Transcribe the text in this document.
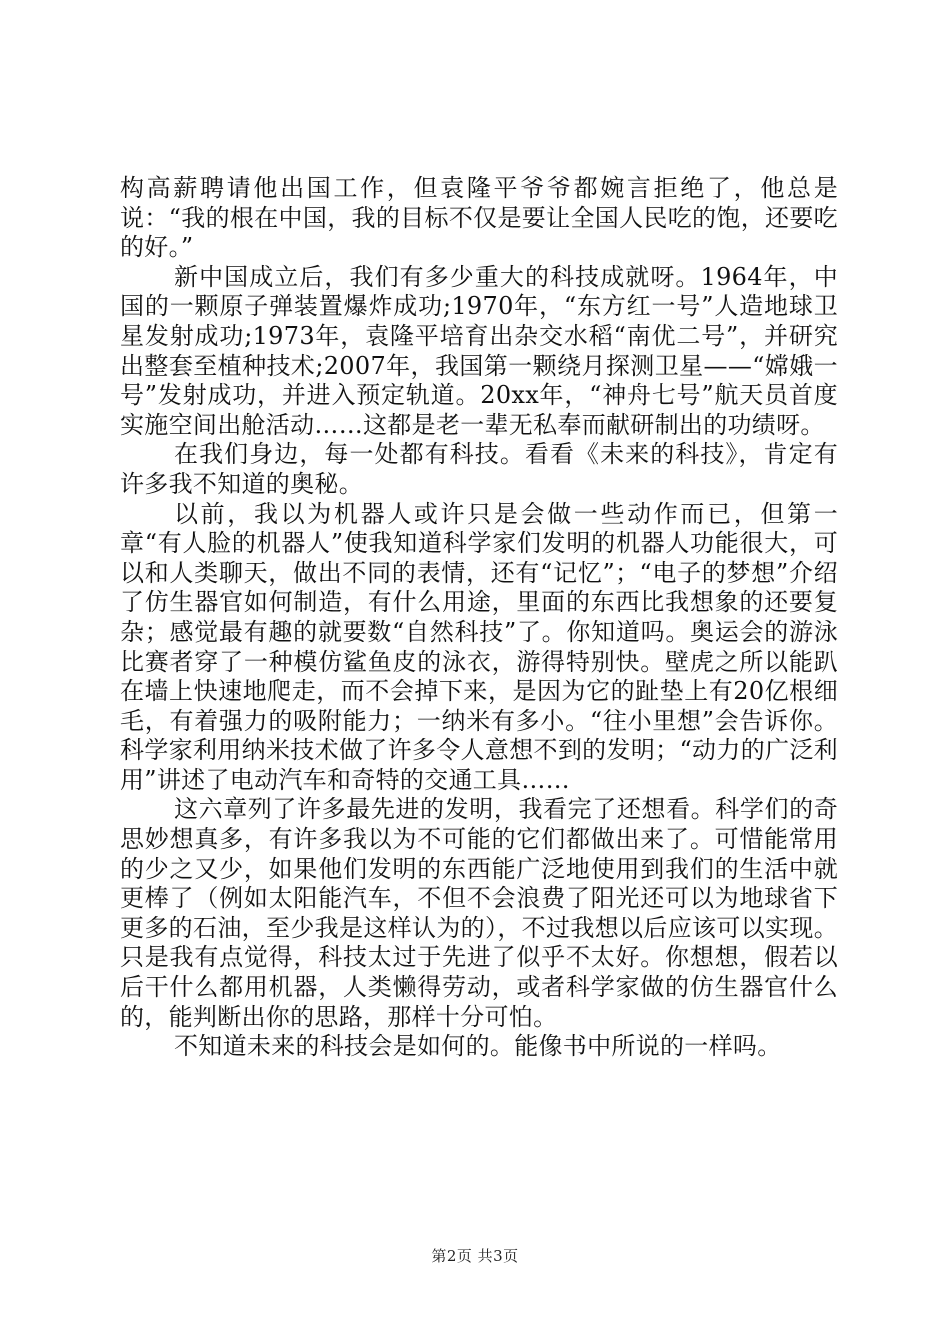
构高薪聘请他出国工作，但袁隆平爷爷都婉言拒绝了，他总是说：“我的根在中国，我的目标不仅是要让全国人民吃的饱，还要吃的好。”

新中国成立后，我们有多少重大的科技成就呀。1964年，中国的一颗原子弹装置爆炸成功;1970年，“东方红一号”人造地球卫星发射成功;1973年，袁隆平培育出杂交水稻“南优二号”，并研究出整套至植种技术;2007年，我国第一颗绕月探测卫星——“嫦娥一号”发射成功，并进入预定轨道。20xx年，“神舟七号”航天员首度实施空间出舱活动……这都是老一辈无私奉而献研制出的功绩呀。

在我们身边，每一处都有科技。看看《未来的科技》，肯定有许多我不知道的奥秘。

以前，我以为机器人或许只是会做一些动作而已，但第一章“有人脸的机器人”使我知道科学家们发明的机器人功能很大，可以和人类聊天，做出不同的表情，还有“记忆”；“电子的梦想”介绍了仿生器官如何制造，有什么用途，里面的东西比我想象的还要复杂；感觉最有趣的就要数“自然科技”了。你知道吗。奥运会的游泳比赛者穿了一种模仿鲨鱼皮的泳衣，游得特别快。壁虎之所以能趴在墙上快速地爬走，而不会掉下来，是因为它的趾垫上有20亿根细毛，有着强力的吸附能力；一纳米有多小。“往小里想”会告诉你。科学家利用纳米技术做了许多令人意想不到的发明；“动力的广泛利用”讲述了电动汽车和奇特的交通工具……

这六章列了许多最先进的发明，我看完了还想看。科学们的奇思妙想真多，有许多我以为不可能的它们都做出来了。可惜能常用的少之又少，如果他们发明的东西能广泛地使用到我们的生活中就更棒了（例如太阳能汽车，不但不会浪费了阳光还可以为地球省下更多的石油，至少我是这样认为的），不过我想以后应该可以实现。只是我有点觉得，科技太过于先进了似乎不太好。你想想，假若以后干什么都用机器，人类懒得劳动，或者科学家做的仿生器官什么的，能判断出你的思路，那样十分可怕。

不知道未来的科技会是如何的。能像书中所说的一样吗。

第2页 共3页
